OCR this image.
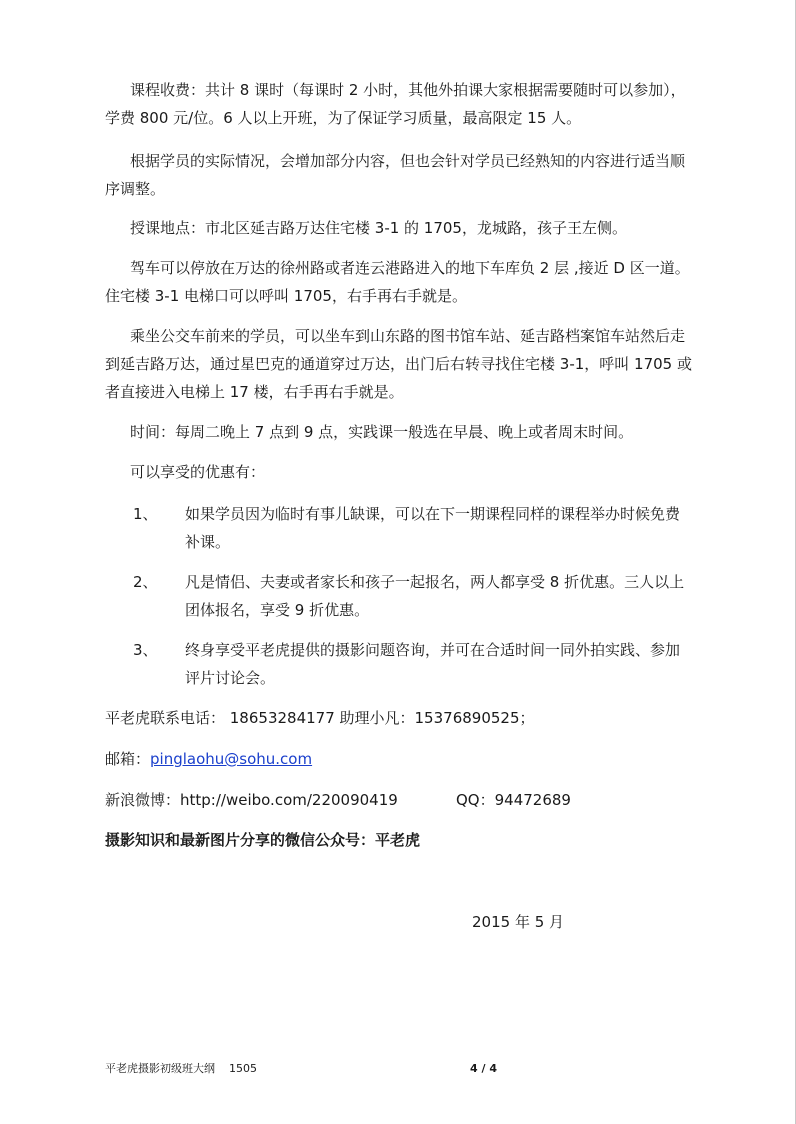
课程收费：共计 8 课时（每课时 2 小时，其他外拍课大家根据需要随时可以参加），
学费 800 元/位。6 人以上开班，为了保证学习质量，最高限定 15 人。
根据学员的实际情况，会增加部分内容，但也会针对学员已经熟知的内容进行适当顺
序调整。
授课地点：市北区延吉路万达住宅楼 3-1 的 1705，龙城路，孩子王左侧。
驾车可以停放在万达的徐州路或者连云港路进入的地下车库负 2 层 ,接近 D 区一道。
住宅楼 3-1 电梯口可以呼叫 1705，右手再右手就是。
乘坐公交车前来的学员，可以坐车到山东路的图书馆车站、延吉路档案馆车站然后走
到延吉路万达，通过星巴克的通道穿过万达，出门后右转寻找住宅楼 3-1，呼叫 1705 或
者直接进入电梯上 17 楼，右手再右手就是。
时间：每周二晚上 7 点到 9 点，实践课一般选在早晨、晚上或者周末时间。
可以享受的优惠有：
1、 如果学员因为临时有事儿缺课，可以在下一期课程同样的课程举办时候免费
补课。
2、 凡是情侣、夫妻或者家长和孩子一起报名，两人都享受 8 折优惠。三人以上
团体报名，享受 9 折优惠。
3、 终身享受平老虎提供的摄影问题咨询，并可在合适时间一同外拍实践、参加
评片讨论会。
平老虎联系电话： 18653284177 助理小凡：15376890525；
邮箱：pinglaohu@sohu.com
新浪微博：http://weibo.com/220090419	QQ：94472689
摄影知识和最新图片分享的微信公众号：平老虎
2015 年 5 月
平老虎摄影初级班大纲 1505	4 / 4
